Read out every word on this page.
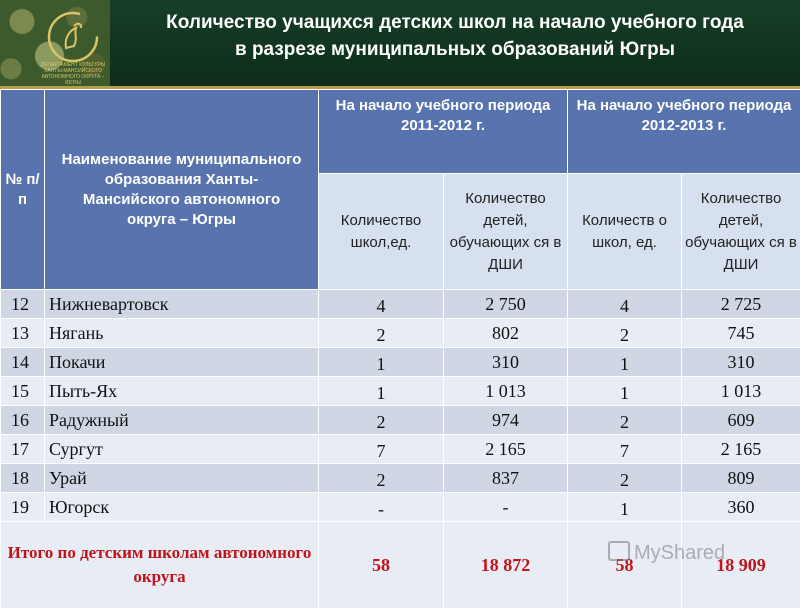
ДЕПАРТАМЕНТ КУЛЬТУРЫ ХАНТЫ-МАНСИЙСКОГО АВТОНОМНОГО ОКРУГА – ЮГРЫ
Количество учащихся детских школ на начало учебного года
в разрезе муниципальных образований Югры
№ п/п	Наименование муниципального образования Ханты-Мансийского автономного округа – Югры	На начало учебного периода 2011-2012 г.		На начало учебного периода 2012-2013 г.	
		Количество школ,ед.	Количество детей, обучающих ся в ДШИ	Количеств о школ, ед.	Количество детей, обучающих ся в ДШИ
12	Нижневартовск	4	2 750	4	2 725
13	Нягань	2	802	2	745
14	Покачи	1	310	1	310
15	Пыть-Ях	1	1 013	1	1 013
16	Радужный	2	974	2	609
17	Сургут	7	2 165	7	2 165
18	Урай	2	837	2	809
19	Югорск	-	-	1	360
Итого по детским школам автономного округа		58	18 872	58	18 909
MyShared
